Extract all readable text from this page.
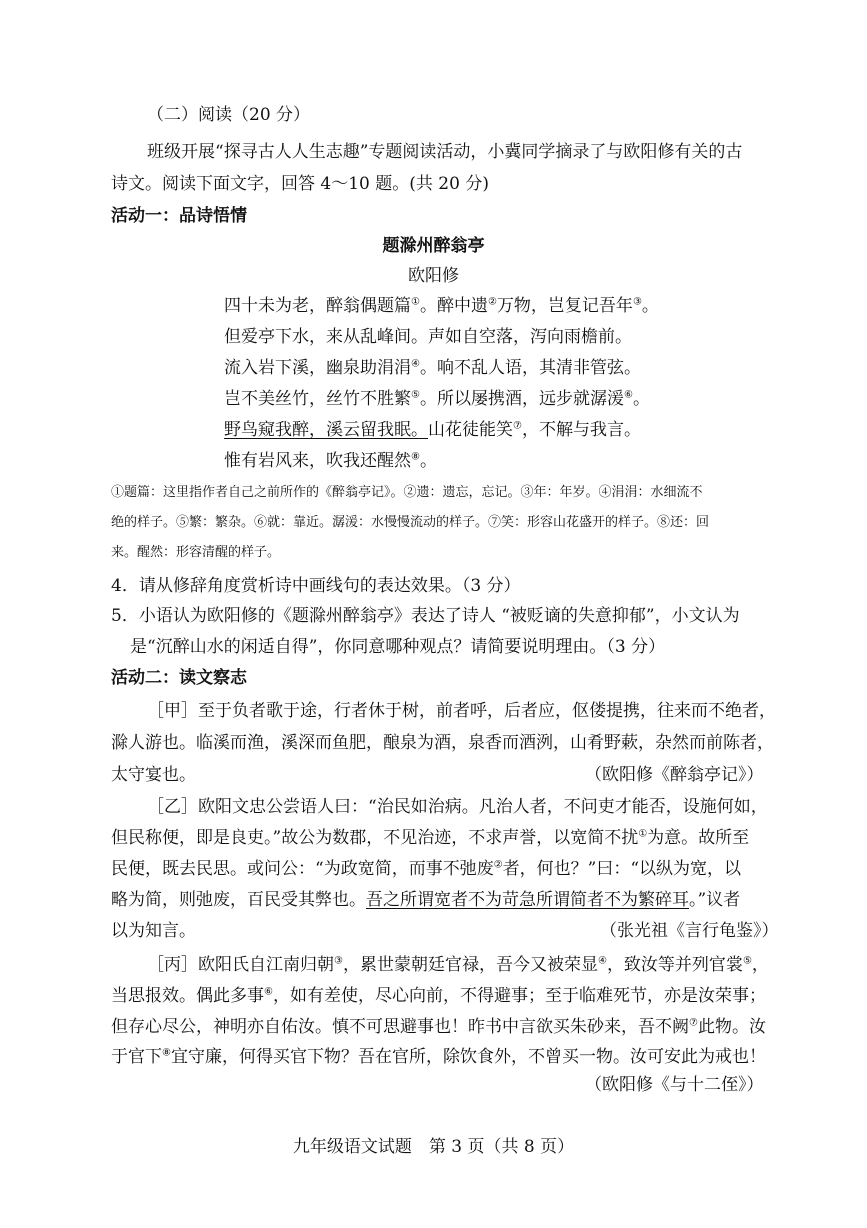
（二）阅读（20 分）
班级开展“探寻古人人生志趣”专题阅读活动，小冀同学摘录了与欧阳修有关的古
诗文。阅读下面文字，回答 4～10 题。(共 20 分)
活动一：品诗悟情
题滁州醉翁亭
欧阳修
四十未为老，醉翁偶题篇①。醉中遗②万物，岂复记吾年③。
但爱亭下水，来从乱峰间。声如自空落，泻向雨檐前。
流入岩下溪，幽泉助涓涓④。响不乱人语，其清非管弦。
岂不美丝竹，丝竹不胜繁⑤。所以屡携酒，远步就潺湲⑥。
野鸟窥我醉，溪云留我眠。山花徒能笑⑦，不解与我言。
惟有岩风来，吹我还醒然⑧。
①题篇：这里指作者自己之前所作的《醉翁亭记》。②遗：遗忘，忘记。③年：年岁。④涓涓：水细流不
绝的样子。⑤繁：繁杂。⑥就：靠近。潺湲：水慢慢流动的样子。⑦笑：形容山花盛开的样子。⑧还：回
来。醒然：形容清醒的样子。
4．请从修辞角度赏析诗中画线句的表达效果。（3 分）
5．小语认为欧阳修的《题滁州醉翁亭》表达了诗人 “被贬谪的失意抑郁”，小文认为
是“沉醉山水的闲适自得”，你同意哪种观点？请简要说明理由。（3 分）
活动二：读文察志
［甲］至于负者歌于途，行者休于树，前者呼，后者应，伛偻提携，往来而不绝者，
滁人游也。临溪而渔，溪深而鱼肥，酿泉为酒，泉香而酒洌，山肴野蔌，杂然而前陈者，
太守宴也。	（欧阳修《醉翁亭记》）
［乙］欧阳文忠公尝语人曰：“治民如治病。凡治人者，不问吏才能否，设施何如，
但民称便，即是良吏。”故公为数郡，不见治迹，不求声誉，以宽简不扰①为意。故所至
民便，既去民思。或问公：“为政宽简，而事不弛废②者，何也？”曰：“以纵为宽，以
略为简，则弛废，百民受其弊也。吾之所谓宽者不为苛急所谓简者不为繁碎耳。”议者
以为知言。	（张光祖《言行龟鉴》）
［丙］欧阳氏自江南归朝③，累世蒙朝廷官禄，吾今又被荣显④，致汝等并列官裳⑤，
当思报效。偶此多事⑥，如有差使，尽心向前，不得避事；至于临难死节，亦是汝荣事；
但存心尽公，神明亦自佑汝。慎不可思避事也！昨书中言欲买朱砂来，吾不阙⑦此物。汝
于官下⑧宜守廉，何得买官下物？吾在官所，除饮食外，不曾买一物。汝可安此为戒也！
（欧阳修《与十二侄》）
九年级语文试题　第 3 页（共 8 页）
